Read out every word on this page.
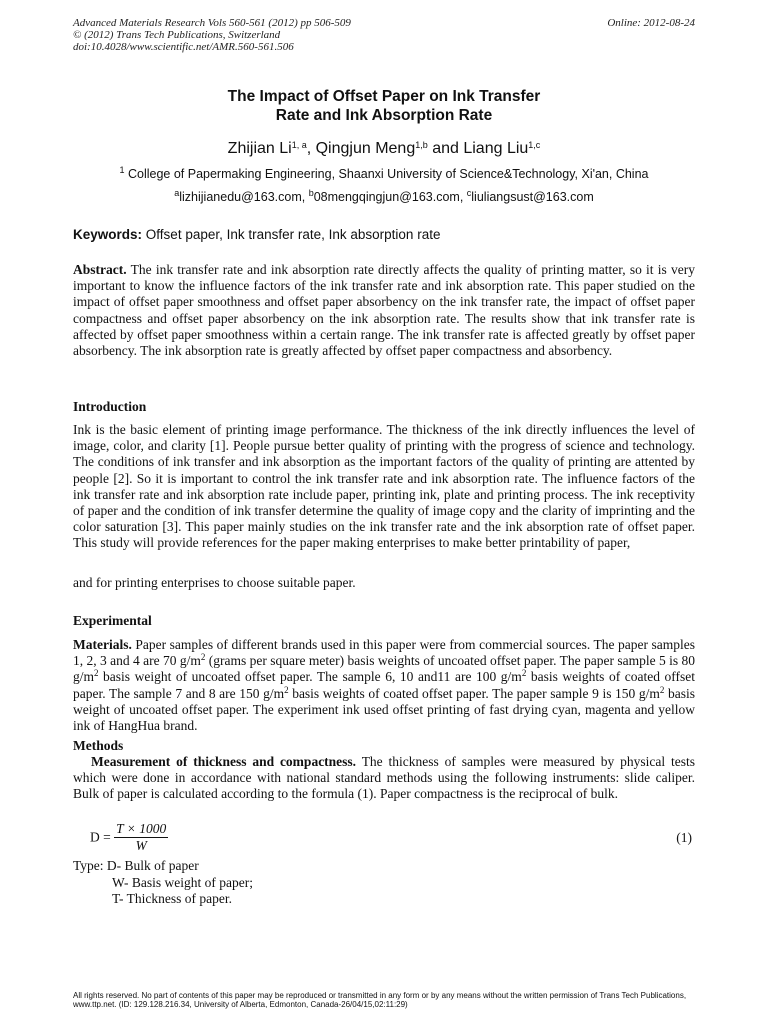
Advanced Materials Research Vols 560-561 (2012) pp 506-509
© (2012) Trans Tech Publications, Switzerland
doi:10.4028/www.scientific.net/AMR.560-561.506
Online: 2012-08-24
The Impact of Offset Paper on Ink Transfer
Rate and Ink Absorption Rate
Zhijian Li$^{1, a}$, Qingjun Meng$^{1,b}$ and Liang Liu$^{1,c}$
$^1$ College of Papermaking Engineering, Shaanxi University of Science&Technology, Xi'an, China
$^a$lizhijianedu@163.com, $^b$08mengqingjun@163.com, $^c$liuliangsust@163.com
Keywords: Offset paper, Ink transfer rate, Ink absorption rate
Abstract. The ink transfer rate and ink absorption rate directly affects the quality of printing matter, so it is very important to know the influence factors of the ink transfer rate and ink absorption rate. This paper studied on the impact of offset paper smoothness and offset paper absorbency on the ink transfer rate, the impact of offset paper compactness and offset paper absorbency on the ink absorption rate. The results show that ink transfer rate is affected by offset paper smoothness within a certain range. The ink transfer rate is affected greatly by offset paper absorbency. The ink absorption rate is greatly affected by offset paper compactness and absorbency.
Introduction
Ink is the basic element of printing image performance. The thickness of the ink directly influences the level of image, color, and clarity [1]. People pursue better quality of printing with the progress of science and technology. The conditions of ink transfer and ink absorption as the important factors of the quality of printing are attented by people [2]. So it is important to control the ink transfer rate and ink absorption rate. The influence factors of the ink transfer rate and ink absorption rate include paper, printing ink, plate and printing process. The ink receptivity of paper and the condition of ink transfer determine the quality of image copy and the clarity of imprinting and the color saturation [3]. This paper mainly studies on the ink transfer rate and the ink absorption rate of offset paper. This study will provide references for the paper making enterprises to make better printability of paper,
and for printing enterprises to choose suitable paper.
Experimental
Materials. Paper samples of different brands used in this paper were from commercial sources. The paper samples 1, 2, 3 and 4 are 70 $g/m^2$ (grams per square meter) basis weights of uncoated offset paper. The paper sample 5 is 80 $g/m^2$ basis weight of uncoated offset paper. The sample 6, 10 and11 are 100 $g/m^2$ basis weights of coated offset paper. The sample 7 and 8 are 150 $g/m^2$ basis weights of coated offset paper. The paper sample 9 is 150 $g/m^2$ basis weight of uncoated offset paper. The experiment ink used offset printing of fast drying cyan, magenta and yellow ink of HangHua brand.
Methods
Measurement of thickness and compactness. The thickness of samples were measured by physical tests which were done in accordance with national standard methods using the following instruments: slide caliper. Bulk of paper is calculated according to the formula (1). Paper compactness is the reciprocal of bulk.
$D = \frac{T \times 1000}{W}$	(1)
Type: D- Bulk of paper
W- Basis weight of paper;
T- Thickness of paper.
All rights reserved. No part of contents of this paper may be reproduced or transmitted in any form or by any means without the written permission of Trans Tech Publications, www.ttp.net. (ID: 129.128.216.34, University of Alberta, Edmonton, Canada-26/04/15,02:11:29)
